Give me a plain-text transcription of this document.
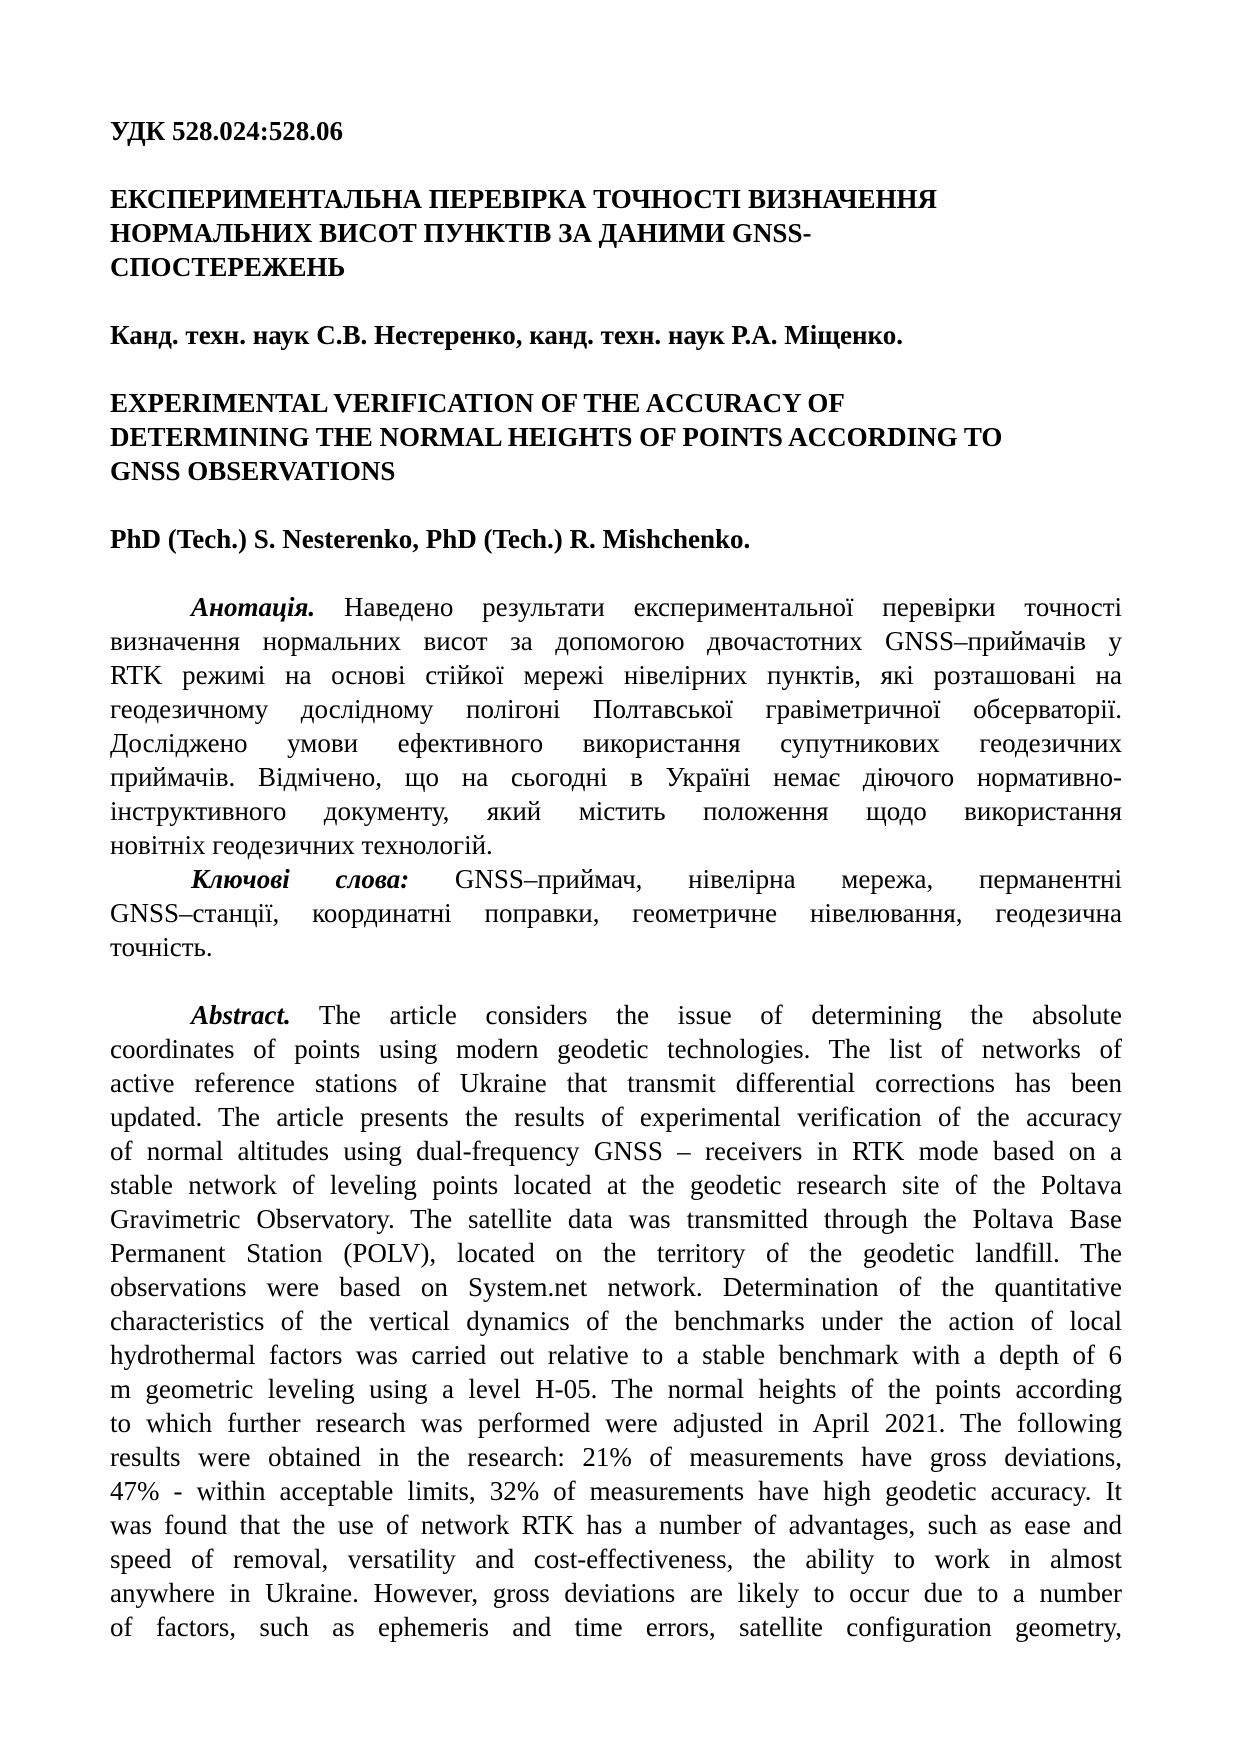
УДК 528.024:528.06

ЕКСПЕРИМЕНТАЛЬНА ПЕРЕВІРКА ТОЧНОСТІ ВИЗНАЧЕННЯ
НОРМАЛЬНИХ ВИСОТ ПУНКТІВ ЗА ДАНИМИ GNSS-
СПОСТЕРЕЖЕНЬ

Канд. техн. наук С.В. Нестеренко, канд. техн. наук Р.А. Міщенко.

EXPERIMENTAL VERIFICATION OF THE ACCURACY OF
DETERMINING THE NORMAL HEIGHTS OF POINTS ACCORDING TO
GNSS OBSERVATIONS

PhD (Tech.) S. Nesterenko, PhD (Tech.) R. Mishchenko.

Анотація. Наведено результати експериментальної перевірки точності
визначення нормальних висот за допомогою двочастотних GNSS–приймачів у
RTK режимі на основі стійкої мережі нівелірних пунктів, які розташовані на
геодезичному дослідному полігоні Полтавської гравіметричної обсерваторії.
Досліджено умови ефективного використання супутникових геодезичних
приймачів. Відмічено, що на сьогодні в Україні немає діючого нормативно-
інструктивного документу, який містить положення щодо використання
новітніх геодезичних технологій.
Ключові слова: GNSS–приймач, нівелірна мережа, перманентні
GNSS–станції, координатні поправки, геометричне нівелювання, геодезична
точність.
Abstract. The article considers the issue of determining the absolute
coordinates of points using modern geodetic technologies. The list of networks of
active reference stations of Ukraine that transmit differential corrections has been
updated. The article presents the results of experimental verification of the accuracy
of normal altitudes using dual-frequency GNSS – receivers in RTK mode based on a
stable network of leveling points located at the geodetic research site of the Poltava
Gravimetric Observatory. The satellite data was transmitted through the Poltava Base
Permanent Station (POLV), located on the territory of the geodetic landfill. The
observations were based on System.net network. Determination of the quantitative
characteristics of the vertical dynamics of the benchmarks under the action of local
hydrothermal factors was carried out relative to a stable benchmark with a depth of 6
m geometric leveling using a level H-05. The normal heights of the points according
to which further research was performed were adjusted in April 2021. The following
results were obtained in the research: 21% of measurements have gross deviations,
47% - within acceptable limits, 32% of measurements have high geodetic accuracy. It
was found that the use of network RTK has a number of advantages, such as ease and
speed of removal, versatility and cost-effectiveness, the ability to work in almost
anywhere in Ukraine. However, gross deviations are likely to occur due to a number
of factors, such as ephemeris and time errors, satellite configuration geometry,
